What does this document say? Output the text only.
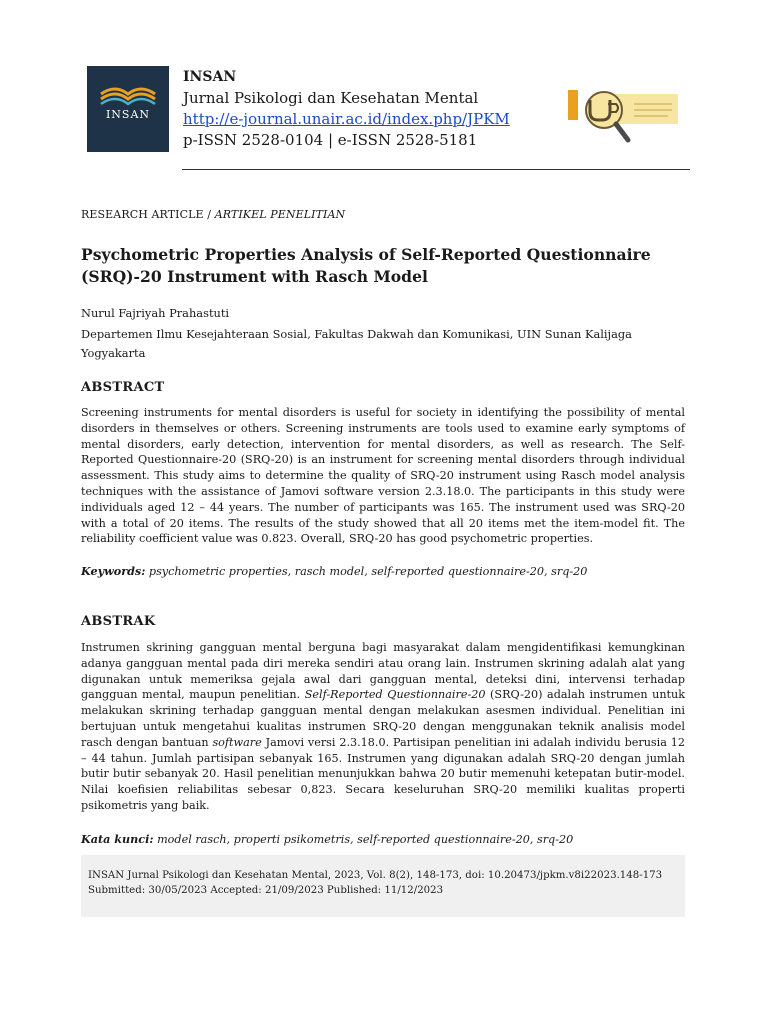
INSAN
INSAN
Jurnal Psikologi dan Kesehatan Mental
http://e-journal.unair.ac.id/index.php/JPKM
p-ISSN 2528-0104 | e-ISSN 2528-5181
RESEARCH ARTICLE / ARTIKEL PENELITIAN
Psychometric Properties Analysis of Self-Reported Questionnaire (SRQ)-20 Instrument with Rasch Model
Nurul Fajriyah Prahastuti
Departemen Ilmu Kesejahteraan Sosial, Fakultas Dakwah dan Komunikasi, UIN Sunan Kalijaga Yogyakarta
ABSTRACT
Screening instruments for mental disorders is useful for society in identifying the possibility of mental disorders in themselves or others. Screening instruments are tools used to examine early symptoms of mental disorders, early detection, intervention for mental disorders, as well as research. The Self-Reported Questionnaire-20 (SRQ-20) is an instrument for screening mental disorders through individual assessment. This study aims to determine the quality of SRQ-20 instrument using Rasch model analysis techniques with the assistance of Jamovi software version 2.3.18.0. The participants in this study were individuals aged 12 – 44 years. The number of participants was 165. The instrument used was SRQ-20 with a total of 20 items. The results of the study showed that all 20 items met the item-model fit. The reliability coefficient value was 0.823. Overall, SRQ-20 has good psychometric properties.
Keywords: psychometric properties, rasch model, self-reported questionnaire-20, srq-20
ABSTRAK
Instrumen skrining gangguan mental berguna bagi masyarakat dalam mengidentifikasi kemungkinan adanya gangguan mental pada diri mereka sendiri atau orang lain. Instrumen skrining adalah alat yang digunakan untuk memeriksa gejala awal dari gangguan mental, deteksi dini, intervensi terhadap gangguan mental, maupun penelitian. Self-Reported Questionnaire-20 (SRQ-20) adalah instrumen untuk melakukan skrining terhadap gangguan mental dengan melakukan asesmen individual. Penelitian ini bertujuan untuk mengetahui kualitas instrumen SRQ-20 dengan menggunakan teknik analisis model rasch dengan bantuan software Jamovi versi 2.3.18.0. Partisipan penelitian ini adalah individu berusia 12 – 44 tahun. Jumlah partisipan sebanyak 165. Instrumen yang digunakan adalah SRQ-20 dengan jumlah butir butir sebanyak 20. Hasil penelitian menunjukkan bahwa 20 butir memenuhi ketepatan butir-model. Nilai koefisien reliabilitas sebesar 0,823. Secara keseluruhan SRQ-20 memiliki kualitas properti psikometris yang baik.
Kata kunci: model rasch, properti psikometris, self-reported questionnaire-20, srq-20
INSAN Jurnal Psikologi dan Kesehatan Mental, 2023, Vol. 8(2), 148-173, doi: 10.20473/jpkm.v8i22023.148-173
Submitted: 30/05/2023 Accepted: 21/09/2023 Published: 11/12/2023
